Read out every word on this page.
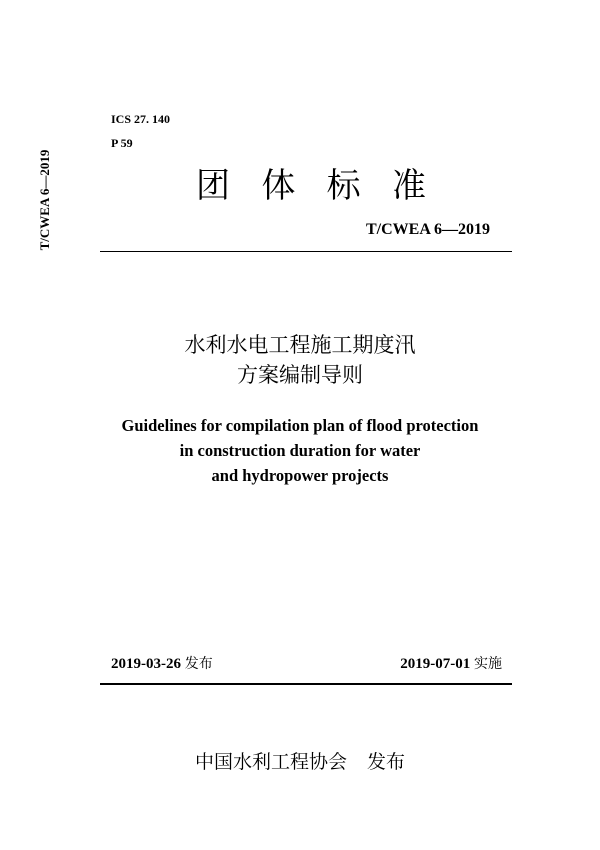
T/CWEA 6—2019
ICS 27. 140
P 59
团 体 标 准
T/CWEA 6—2019
水利水电工程施工期度汛
方案编制导则
Guidelines for compilation plan of flood protection
in construction duration for water
and hydropower projects
2019-03-26 发布	2019-07-01 实施
中国水利工程协会 发布
